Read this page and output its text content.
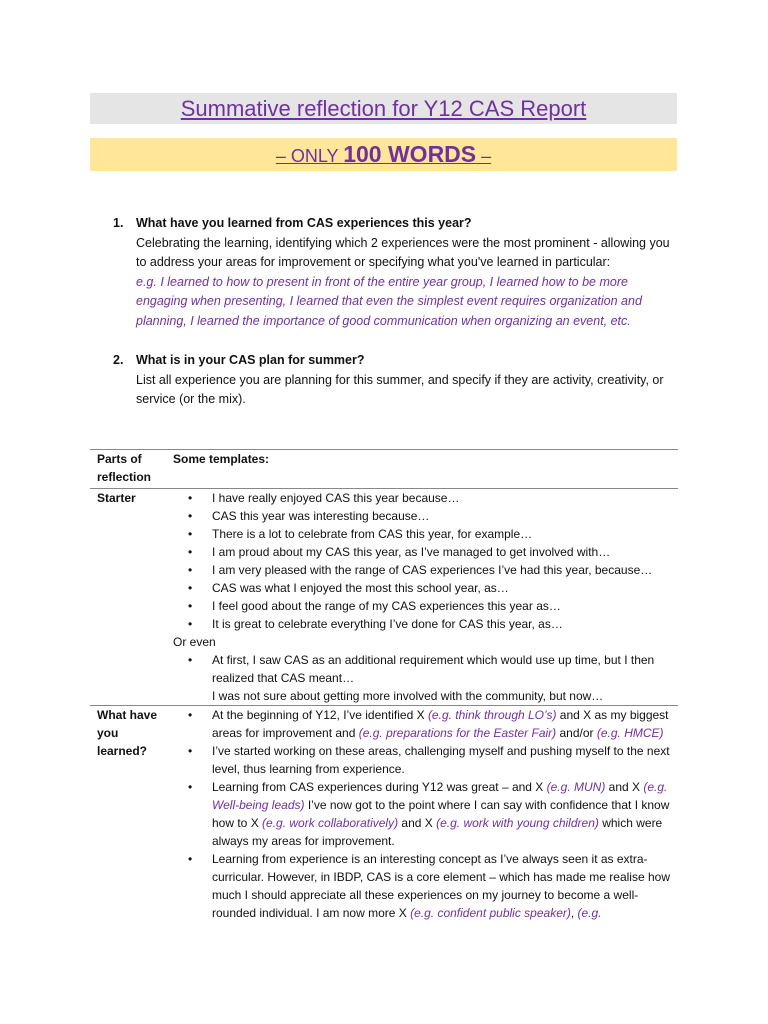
Summative reflection for Y12 CAS Report
– ONLY 100 WORDS –
1. What have you learned from CAS experiences this year?
Celebrating the learning, identifying which 2 experiences were the most prominent - allowing you to address your areas for improvement or specifying what you've learned in particular:
e.g. I learned to how to present in front of the entire year group, I learned how to be more engaging when presenting, I learned that even the simplest event requires organization and planning, I learned the importance of good communication when organizing an event, etc.
2. What is in your CAS plan for summer?
List all experience you are planning for this summer, and specify if they are activity, creativity, or service (or the mix).
Parts of reflection
Some templates:
Starter
•	I have really enjoyed CAS this year because…
• CAS this year was interesting because…
• There is a lot to celebrate from CAS this year, for example…
• I am proud about my CAS this year, as I’ve managed to get involved with…
• I am very pleased with the range of CAS experiences I’ve had this year, because…
• CAS was what I enjoyed the most this school year, as…
• I feel good about the range of my CAS experiences this year as…
• It is great to celebrate everything I’ve done for CAS this year, as…
Or even
• At first, I saw CAS as an additional requirement which would use up time, but I then realized that CAS meant…
I was not sure about getting more involved with the community, but now…
What have you learned?
• At the beginning of Y12, I’ve identified X (e.g. think through LO’s) and X as my biggest areas for improvement and (e.g. preparations for the Easter Fair) and/or (e.g. HMCE)
• I’ve started working on these areas, challenging myself and pushing myself to the next level, thus learning from experience.
• Learning from CAS experiences during Y12 was great – and X (e.g. MUN) and X (e.g. Well-being leads) I’ve now got to the point where I can say with confidence that I know how to X (e.g. work collaboratively) and X (e.g. work with young children) which were always my areas for improvement.
• Learning from experience is an interesting concept as I’ve always seen it as extra-curricular. However, in IBDP, CAS is a core element – which has made me realise how much I should appreciate all these experiences on my journey to become a well-rounded individual. I am now more X (e.g. confident public speaker), (e.g.
